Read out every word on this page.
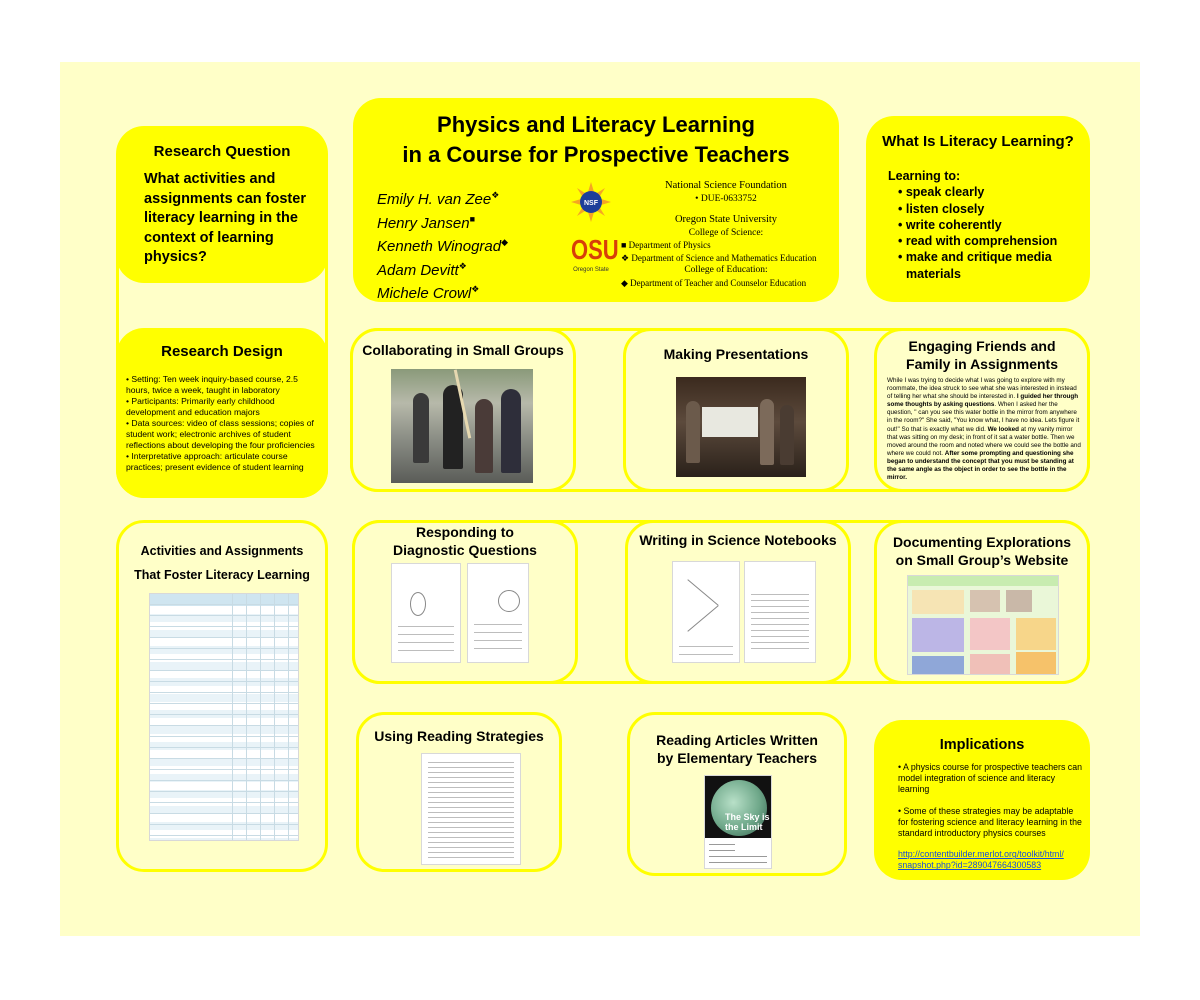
Physics and Literacy Learning
in a Course for Prospective Teachers
Emily H. van Zee❖
Henry Jansen■
Kenneth Winograd◆
Adam Devitt❖
Michele Crowl❖
NSF
OSU
Oregon State
National Science Foundation
• DUE-0633752
Oregon State University
College of Science:
■ Department of Physics
❖ Department of Science and Mathematics Education
College of Education:
◆ Department of Teacher and Counselor Education
Research Question
What activities and assignments can foster literacy learning in the context of learning physics?
Research Design
• Setting: Ten week inquiry-based course, 2.5 hours, twice a week, taught in laboratory
• Participants: Primarily early childhood development and education majors
• Data sources: video of class sessions; copies of student work; electronic archives of student reflections about developing the four proficiencies
• Interpretative approach: articulate course practices; present evidence of student learning
What Is Literacy Learning?
Learning to:
• speak clearly
• listen closely
• write coherently
• read with comprehension
• make and critique media materials
Collaborating in Small Groups	Making Presentations	Engaging Friends and
Family in Assignments
While I was trying to decide what I was going to explore with my roommate, the idea struck to see what she was interested in instead of telling her what she should be interested in. I guided her through some thoughts by asking questions. When I asked her the question, " can you see this water bottle in the mirror from anywhere in the room?" She said, "You know what, I have no idea. Lets figure it out!" So that is exactly what we did. We looked at my vanity mirror that was sitting on my desk; in front of it sat a water bottle. Then we moved around the room and noted where we could see the bottle and where we could not. After some prompting and questioning she began to understand the concept that you must be standing at the same angle as the object in order to see the bottle in the mirror.
Activities and Assignments
That Foster Literacy Learning
Responding to
Diagnostic Questions
Writing in Science Notebooks	Documenting Explorations
on Small Group’s Website
Using Reading Strategies	Reading Articles Written
by Elementary Teachers
The Sky is the Limit
Implications
• A physics course for prospective teachers can model integration of science and literacy learning
• Some of these strategies may be adaptable for fostering science and literacy learning in the standard introductory physics courses
http://contentbuilder.merlot.org/toolkit/html/
snapshot.php?id=28904766430058​3
